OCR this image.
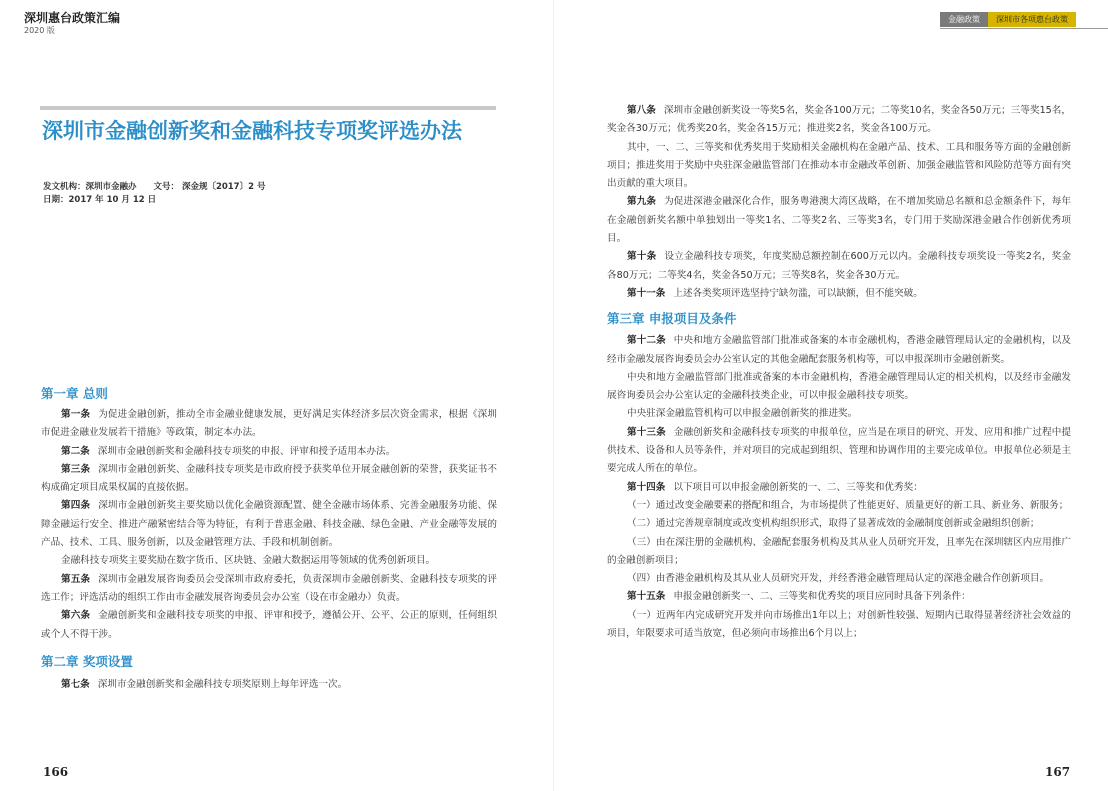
深圳惠台政策汇编
2020 版
深圳市金融创新奖和金融科技专项奖评选办法
发文机构：深圳市金融办 文号： 深金规〔2017〕2 号
日期：2017 年 10 月 12 日
第一章 总则

第一条 为促进金融创新，推动全市金融业健康发展，更好满足实体经济多层次资金需求，根据《深圳市促进金融业发展若干措施》等政策，制定本办法。

第二条 深圳市金融创新奖和金融科技专项奖的申报、评审和授予适用本办法。

第三条 深圳市金融创新奖、金融科技专项奖是市政府授予获奖单位开展金融创新的荣誉，获奖证书不构成确定项目成果权属的直接依据。

第四条 深圳市金融创新奖主要奖励以优化金融资源配置、健全金融市场体系、完善金融服务功能、保障金融运行安全、推进产融紧密结合等为特征，有利于普惠金融、科技金融、绿色金融、产业金融等发展的产品、技术、工具、服务创新，以及金融管理方法、手段和机制创新。

金融科技专项奖主要奖励在数字货币、区块链、金融大数据运用等领域的优秀创新项目。

第五条 深圳市金融发展咨询委员会受深圳市政府委托，负责深圳市金融创新奖、金融科技专项奖的评选工作；评选活动的组织工作由市金融发展咨询委员会办公室（设在市金融办）负责。

第六条 金融创新奖和金融科技专项奖的申报、评审和授予，遵循公开、公平、公正的原则，任何组织或个人不得干涉。

第二章 奖项设置

第七条 深圳市金融创新奖和金融科技专项奖原则上每年评选一次。

166
金融政策	深圳市各项惠台政策

第八条 深圳市金融创新奖设一等奖5名，奖金各100万元；二等奖10名，奖金各50万元；三等奖15名，奖金各30万元；优秀奖20名，奖金各15万元；推进奖2名，奖金各100万元。

其中，一、二、三等奖和优秀奖用于奖励相关金融机构在金融产品、技术、工具和服务等方面的金融创新项目；推进奖用于奖励中央驻深金融监管部门在推动本市金融改革创新、加强金融监管和风险防范等方面有突出贡献的重大项目。

第九条 为促进深港金融深化合作，服务粤港澳大湾区战略，在不增加奖励总名额和总金额条件下，每年在金融创新奖名额中单独划出一等奖1名、二等奖2名、三等奖3名，专门用于奖励深港金融合作创新优秀项目。

第十条 设立金融科技专项奖，年度奖励总额控制在600万元以内。金融科技专项奖设一等奖2名，奖金各80万元；二等奖4名，奖金各50万元；三等奖8名，奖金各30万元。

第十一条 上述各类奖项评选坚持宁缺勿滥，可以缺额，但不能突破。

第三章 申报项目及条件

第十二条 中央和地方金融监管部门批准或备案的本市金融机构，香港金融管理局认定的金融机构，以及经市金融发展咨询委员会办公室认定的其他金融配套服务机构等，可以申报深圳市金融创新奖。

中央和地方金融监管部门批准或备案的本市金融机构，香港金融管理局认定的相关机构，以及经市金融发展咨询委员会办公室认定的金融科技类企业，可以申报金融科技专项奖。

中央驻深金融监管机构可以申报金融创新奖的推进奖。

第十三条 金融创新奖和金融科技专项奖的申报单位，应当是在项目的研究、开发、应用和推广过程中提供技术、设备和人员等条件，并对项目的完成起到组织、管理和协调作用的主要完成单位。申报单位必须是主要完成人所在的单位。

第十四条 以下项目可以申报金融创新奖的一、二、三等奖和优秀奖：

（一）通过改变金融要素的搭配和组合，为市场提供了性能更好、质量更好的新工具、新业务、新服务；

（二）通过完善规章制度或改变机构组织形式，取得了显著成效的金融制度创新或金融组织创新；

（三）由在深注册的金融机构、金融配套服务机构及其从业人员研究开发，且率先在深圳辖区内应用推广的金融创新项目；

（四）由香港金融机构及其从业人员研究开发，并经香港金融管理局认定的深港金融合作创新项目。

第十五条 申报金融创新奖一、二、三等奖和优秀奖的项目应同时具备下列条件：

（一）近两年内完成研究开发并向市场推出1年以上；对创新性较强、短期内已取得显著经济社会效益的项目，年限要求可适当放宽，但必须向市场推出6个月以上；

167
